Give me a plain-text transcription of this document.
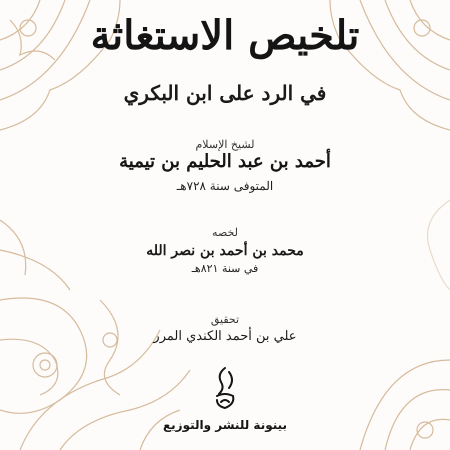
تلخيص الاستغاثة
في الرد على ابن البكري
لشيخ الإسلام
أحمد بن عبد الحليم بن تيمية
المتوفى سنة ٧٢٨هـ
لخصه
محمد بن أحمد بن نصر الله
في سنة ٨٢١هـ
تحقيق
علي بن أحمد الكندي المرر
بينونة للنشر والتوزيع
